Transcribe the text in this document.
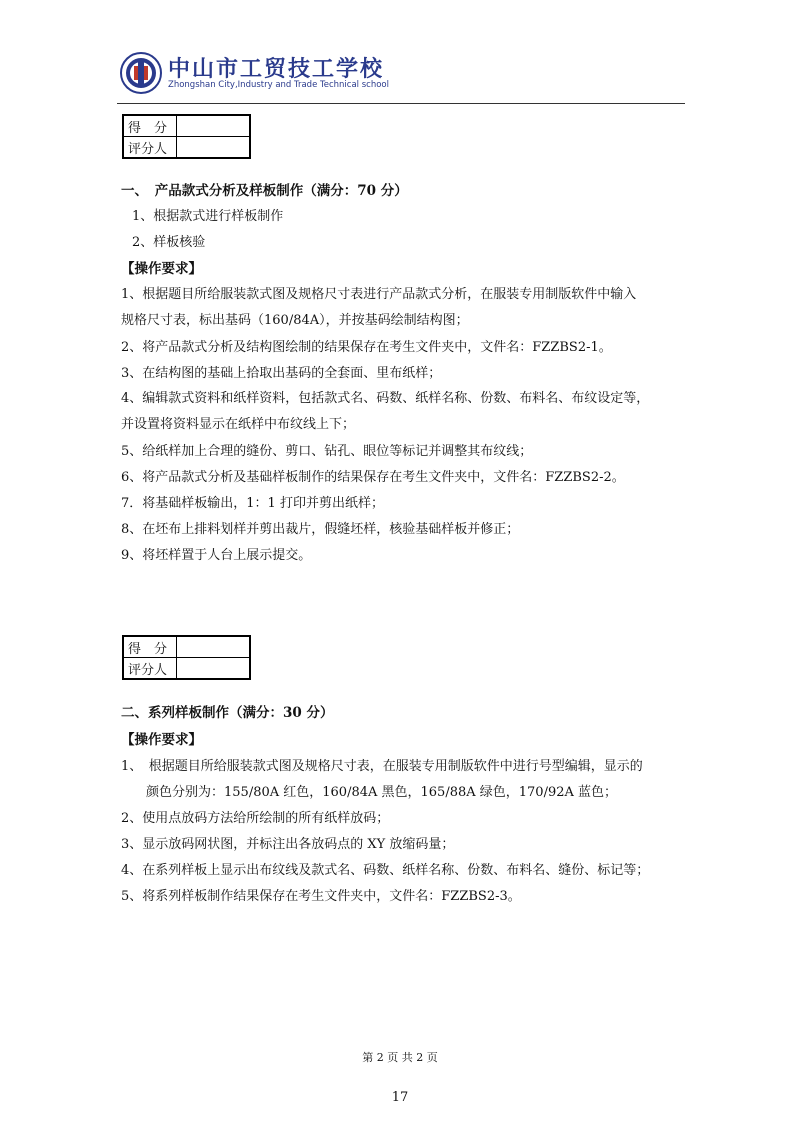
中山市工贸技工学校
Zhongshan City,Industry and Trade Technical school
得　分	
评分人	
一、　产品款式分析及样板制作（满分：70 分）
1、根据款式进行样板制作
2、样板核验
【操作要求】
1、根据题目所给服装款式图及规格尺寸表进行产品款式分析，在服装专用制版软件中输入
规格尺寸表，标出基码（160/84A），并按基码绘制结构图；
2、将产品款式分析及结构图绘制的结果保存在考生文件夹中，文件名：FZZBS2-1。
3、在结构图的基础上拾取出基码的全套面、里布纸样；
4、编辑款式资料和纸样资料，包括款式名、码数、纸样名称、份数、布料名、布纹设定等，
并设置将资料显示在纸样中布纹线上下；
5、给纸样加上合理的缝份、剪口、钻孔、眼位等标记并调整其布纹线；
6、将产品款式分析及基础样板制作的结果保存在考生文件夹中，文件名：FZZBS2-2。
7．将基础样板输出，1：1 打印并剪出纸样；
8、在坯布上排料划样并剪出裁片，假缝坯样，核验基础样板并修正；
9、将坯样置于人台上展示提交。
得　分	
评分人	
二、系列样板制作（满分：30 分）
【操作要求】
1、　根据题目所给服装款式图及规格尺寸表，在服装专用制版软件中进行号型编辑，显示的
颜色分别为：155/80A 红色，160/84A 黑色，165/88A 绿色，170/92A 蓝色；
2、使用点放码方法给所绘制的所有纸样放码；
3、显示放码网状图，并标注出各放码点的 XY 放缩码量；
4、在系列样板上显示出布纹线及款式名、码数、纸样名称、份数、布料名、缝份、标记等；
5、将系列样板制作结果保存在考生文件夹中，文件名：FZZBS2-3。
第 2 页 共 2 页
17
